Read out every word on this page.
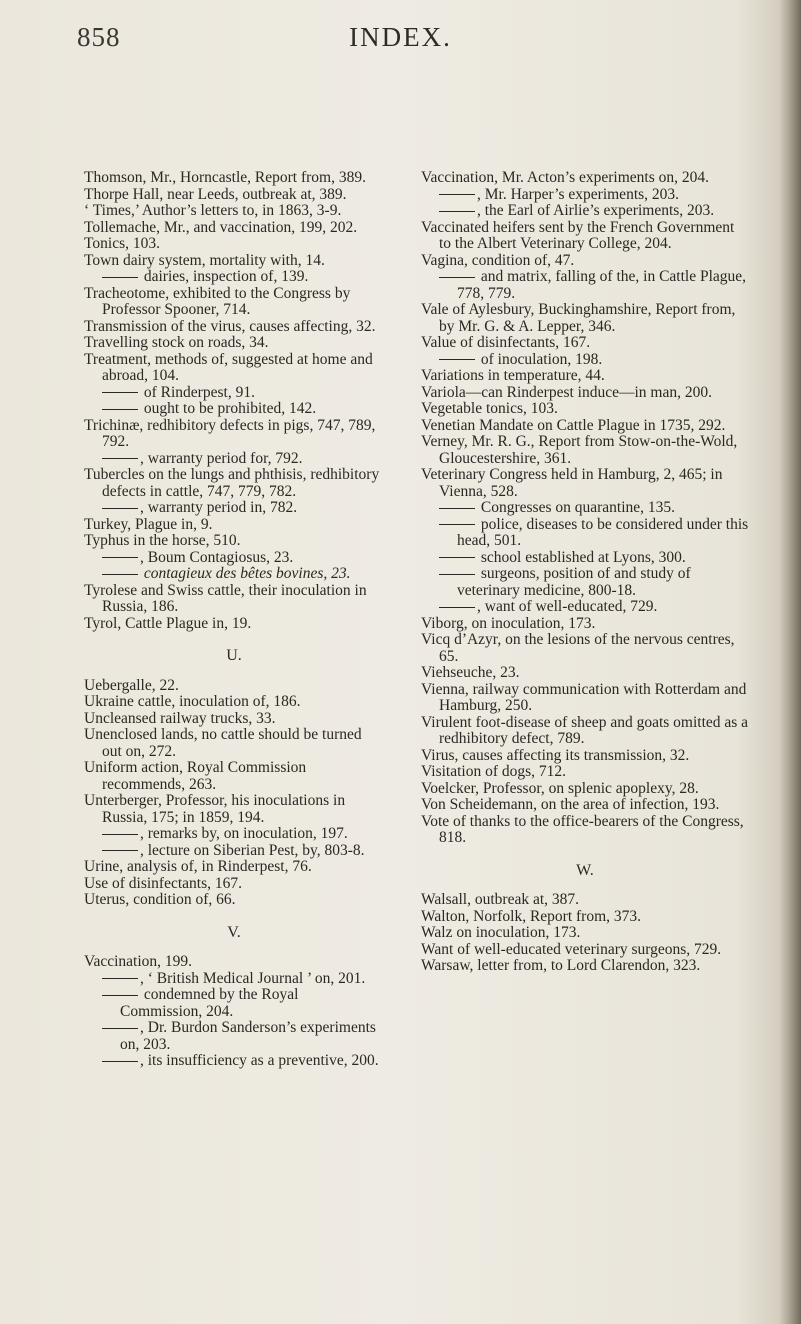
858	INDEX.

Thomson, Mr., Horncastle, Report from, 389.

Thorpe Hall, near Leeds, outbreak at, 389.

‘ Times,’ Author’s letters to, in 1863, 3-9.

Tollemache, Mr., and vaccination, 199, 202.

Tonics, 103.

Town dairy system, mortality with, 14.

dairies, inspection of, 139.

Tracheotome, exhibited to the Congress by Professor Spooner, 714.

Transmission of the virus, causes affecting, 32.

Travelling stock on roads, 34.

Treatment, methods of, suggested at home and abroad, 104.

of Rinderpest, 91.

ought to be prohibited, 142.

Trichinæ, redhibitory defects in pigs, 747, 789, 792.

, warranty period for, 792.

Tubercles on the lungs and phthisis, redhibitory defects in cattle, 747, 779, 782.

, warranty period in, 782.

Turkey, Plague in, 9.

Typhus in the horse, 510.

, Boum Contagiosus, 23.

contagieux des bêtes bovines, 23.

Tyrolese and Swiss cattle, their inoculation in Russia, 186.

Tyrol, Cattle Plague in, 19.

U.

Uebergalle, 22.

Ukraine cattle, inoculation of, 186.

Uncleansed railway trucks, 33.

Unenclosed lands, no cattle should be turned out on, 272.

Uniform action, Royal Commission recommends, 263.

Unterberger, Professor, his inoculations in Russia, 175; in 1859, 194.

, remarks by, on inoculation, 197.

, lecture on Siberian Pest, by, 803-8.

Urine, analysis of, in Rinderpest, 76.

Use of disinfectants, 167.

Uterus, condition of, 66.

V.

Vaccination, 199.

, ‘ British Medical Journal ’ on, 201.

condemned by the Royal Commission, 204.

, Dr. Burdon Sanderson’s experiments on, 203.

, its insufficiency as a preventive, 200.

Vaccination, Mr. Acton’s experiments on, 204.

, Mr. Harper’s experiments, 203.

, the Earl of Airlie’s experiments, 203.

Vaccinated heifers sent by the French Government to the Albert Veterinary College, 204.

Vagina, condition of, 47.

and matrix, falling of the, in Cattle Plague, 778, 779.

Vale of Aylesbury, Buckinghamshire, Report from, by Mr. G. & A. Lepper, 346.

Value of disinfectants, 167.

of inoculation, 198.

Variations in temperature, 44.

Variola—can Rinderpest induce—in man, 200.

Vegetable tonics, 103.

Venetian Mandate on Cattle Plague in 1735, 292.

Verney, Mr. R. G., Report from Stow-on-the-Wold, Gloucestershire, 361.

Veterinary Congress held in Hamburg, 2, 465; in Vienna, 528.

Congresses on quarantine, 135.

police, diseases to be considered under this head, 501.

school established at Lyons, 300.

surgeons, position of and study of veterinary medicine, 800-18.

, want of well-educated, 729.

Viborg, on inoculation, 173.

Vicq d’Azyr, on the lesions of the nervous centres, 65.

Viehseuche, 23.

Vienna, railway communication with Rotterdam and Hamburg, 250.

Virulent foot-disease of sheep and goats omitted as a redhibitory defect, 789.

Virus, causes affecting its transmission, 32.

Visitation of dogs, 712.

Voelcker, Professor, on splenic apoplexy, 28.

Von Scheidemann, on the area of infection, 193.

Vote of thanks to the office-bearers of the Congress, 818.

W.

Walsall, outbreak at, 387.

Walton, Norfolk, Report from, 373.

Walz on inoculation, 173.

Want of well-educated veterinary surgeons, 729.

Warsaw, letter from, to Lord Clarendon, 323.
